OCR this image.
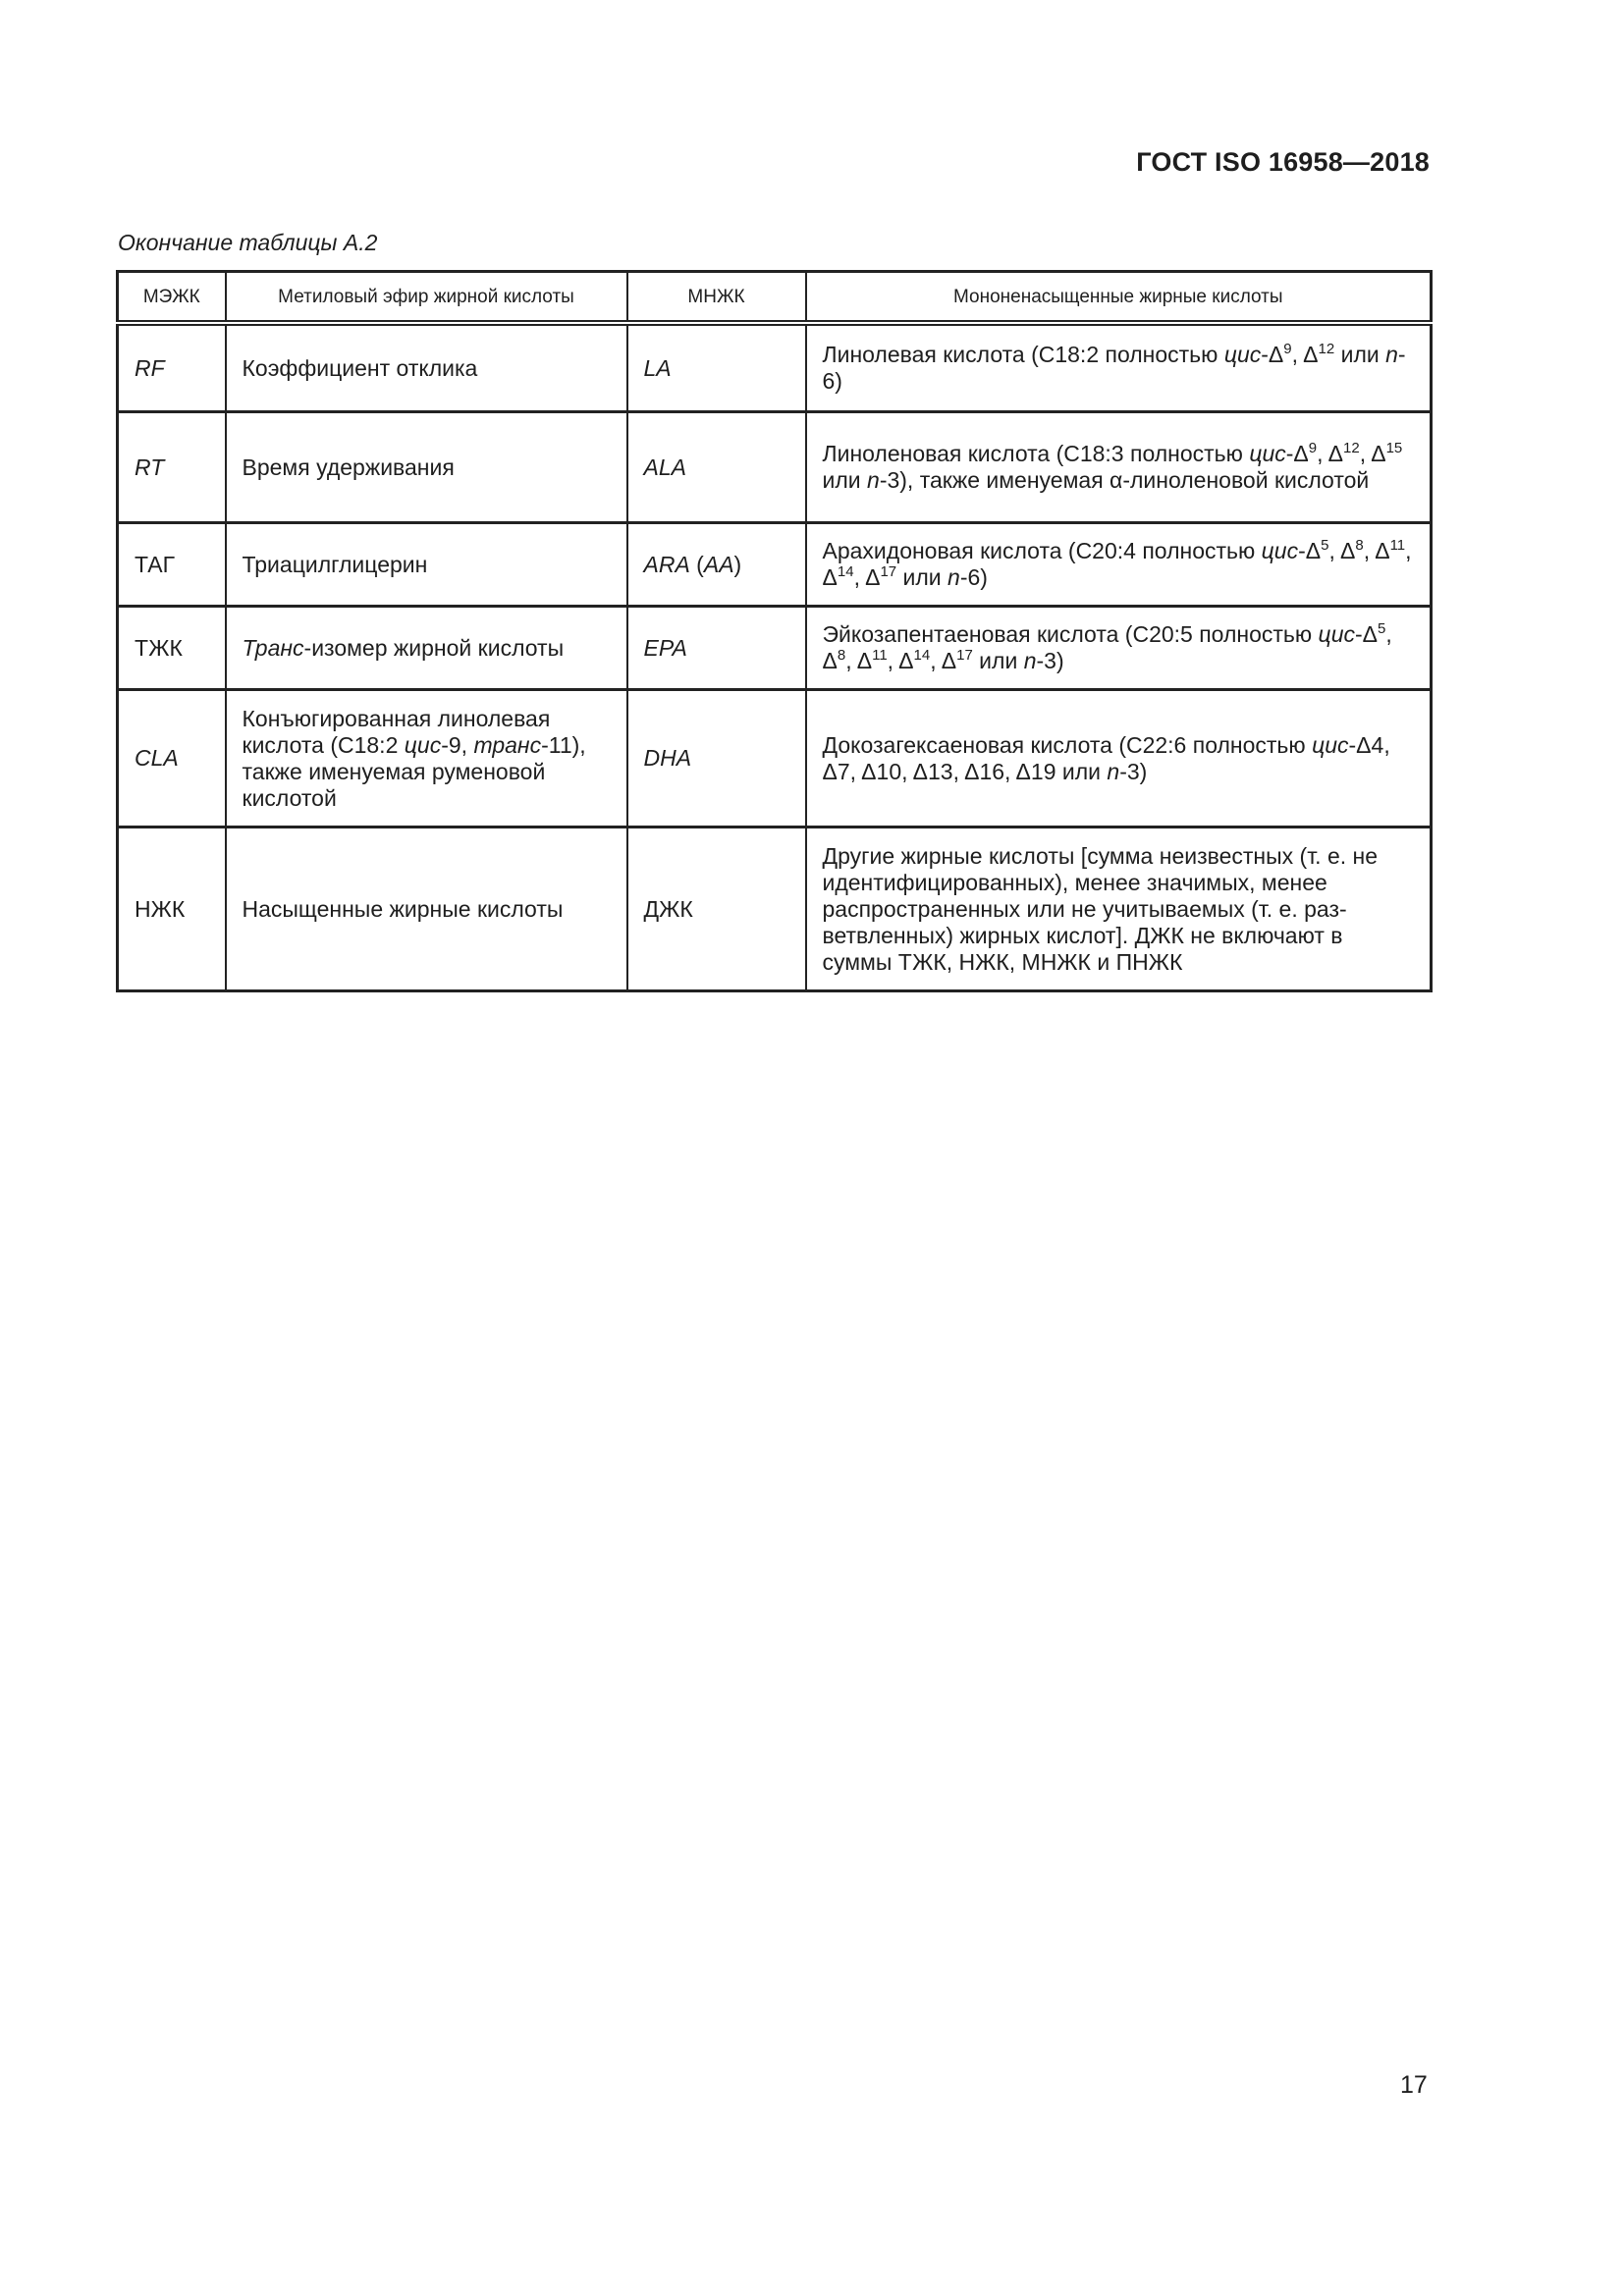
ГОСТ ISO 16958—2018
Окончание таблицы А.2
МЭЖК	Метиловый эфир жирной кислоты	МНЖК	Мононенасыщенные жирные кислоты
RF	Коэффициент отклика	LA	Линолевая кислота (С18:2 полностью цис-$\Delta^9$, $\Delta^{12}$ или n-6)
RT	Время удерживания	ALA	Линоленовая кислота (С18:3 полностью цис-$\Delta^9$, $\Delta^{12}$, $\Delta^{15}$ или n-3), также именуемая α-линоленовой кислотой
ТАГ	Триацилглицерин	ARA (AA)	Арахидоновая кислота (С20:4 полностью цис-$\Delta^5$, $\Delta^8$, $\Delta^{11}$, $\Delta^{14}$, $\Delta^{17}$ или n-6)
ТЖК	Транс-изомер жирной кислоты	EPA	Эйкозапентаеновая кислота (С20:5 полностью цис-$\Delta^5$, $\Delta^8$, $\Delta^{11}$, $\Delta^{14}$, $\Delta^{17}$ или n-3)
CLA	Конъюгированная линолевая кислота (С18:2 цис-9, транс-11), также именуемая руменовой кислотой	DHA	Докозагексаеновая кислота (С22:6 полностью цис-Δ4, Δ7, Δ10, Δ13, Δ16, Δ19 или n-3)
НЖК	Насыщенные жирные кислоты	ДЖК	Другие жирные кислоты [сумма неизвестных (т. е. не идентифицированных), менее значимых, менее распространенных или не учитываемых (т. е. разветвленных) жирных кислот]. ДЖК не включают в суммы ТЖК, НЖК, МНЖК и ПНЖК
17
